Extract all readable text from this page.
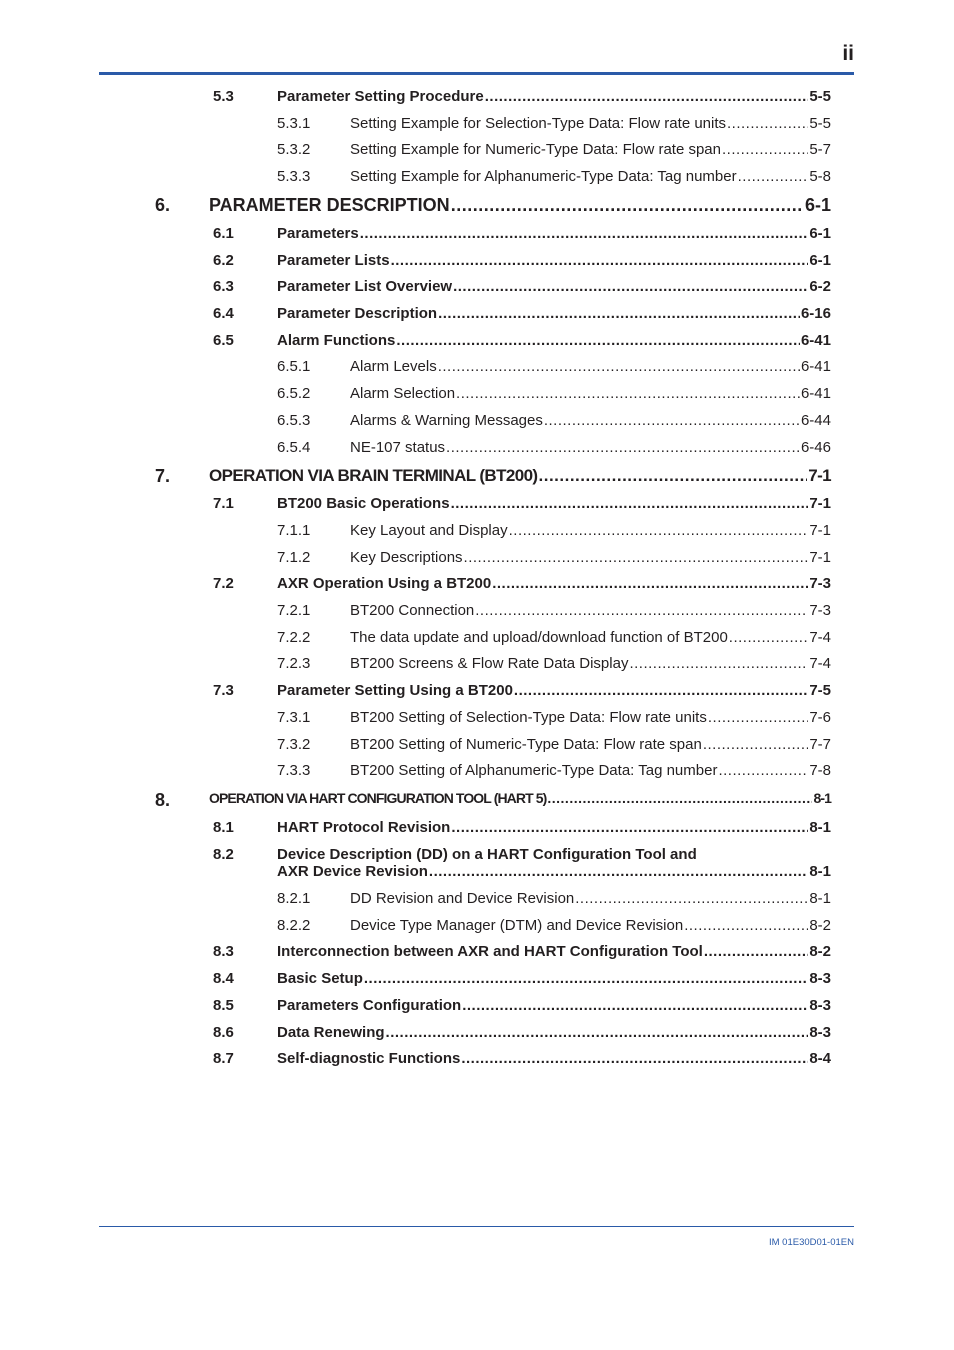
ii
5.3	Parameter Setting Procedure .....	5-5
5.3.1	Setting Example for Selection-Type Data: Flow rate units .....	5-5
5.3.2	Setting Example for Numeric-Type Data: Flow rate span .....	5-7
5.3.3	Setting Example for Alphanumeric-Type Data: Tag number .....	5-8
6. PARAMETER DESCRIPTION .....	6-1
6.1	Parameters .....	6-1
6.2	Parameter Lists .....	6-1
6.3	Parameter List Overview .....	6-2
6.4	Parameter Description .....	6-16
6.5	Alarm Functions .....	6-41
6.5.1	Alarm Levels .....	6-41
6.5.2	Alarm Selection .....	6-41
6.5.3	Alarms & Warning Messages .....	6-44
6.5.4	NE-107 status .....	6-46
7. OPERATION VIA BRAIN TERMINAL (BT200) .....	7-1
7.1	BT200 Basic Operations .....	7-1
7.1.1	Key Layout and Display .....	7-1
7.1.2	Key Descriptions .....	7-1
7.2	AXR Operation Using a BT200 .....	7-3
7.2.1	BT200 Connection .....	7-3
7.2.2	The data update and upload/download function of BT200 .....	7-4
7.2.3	BT200 Screens & Flow Rate Data Display .....	7-4
7.3	Parameter Setting Using a BT200 .....	7-5
7.3.1	BT200 Setting of Selection-Type Data: Flow rate units .....	7-6
7.3.2	BT200 Setting of Numeric-Type Data: Flow rate span .....	7-7
7.3.3	BT200 Setting of Alphanumeric-Type Data: Tag number .....	7-8
8.	OPERATION VIA HART CONFIGURATION TOOL (HART 5) .....	8-1
8.1	HART Protocol Revision .....	8-1
8.2	Device Description (DD) on a HART Configuration Tool and
AXR Device Revision .....	8-1
8.2.1	DD Revision and Device Revision .....	8-1
8.2.2	Device Type Manager (DTM) and Device Revision .....	8-2
8.3	Interconnection between AXR and HART Configuration Tool .....	8-2
8.4	Basic Setup .....	8-3
8.5	Parameters Configuration .....	8-3
8.6	Data Renewing .....	8-3
8.7	Self-diagnostic Functions .....	8-4
IM 01E30D01-01EN
